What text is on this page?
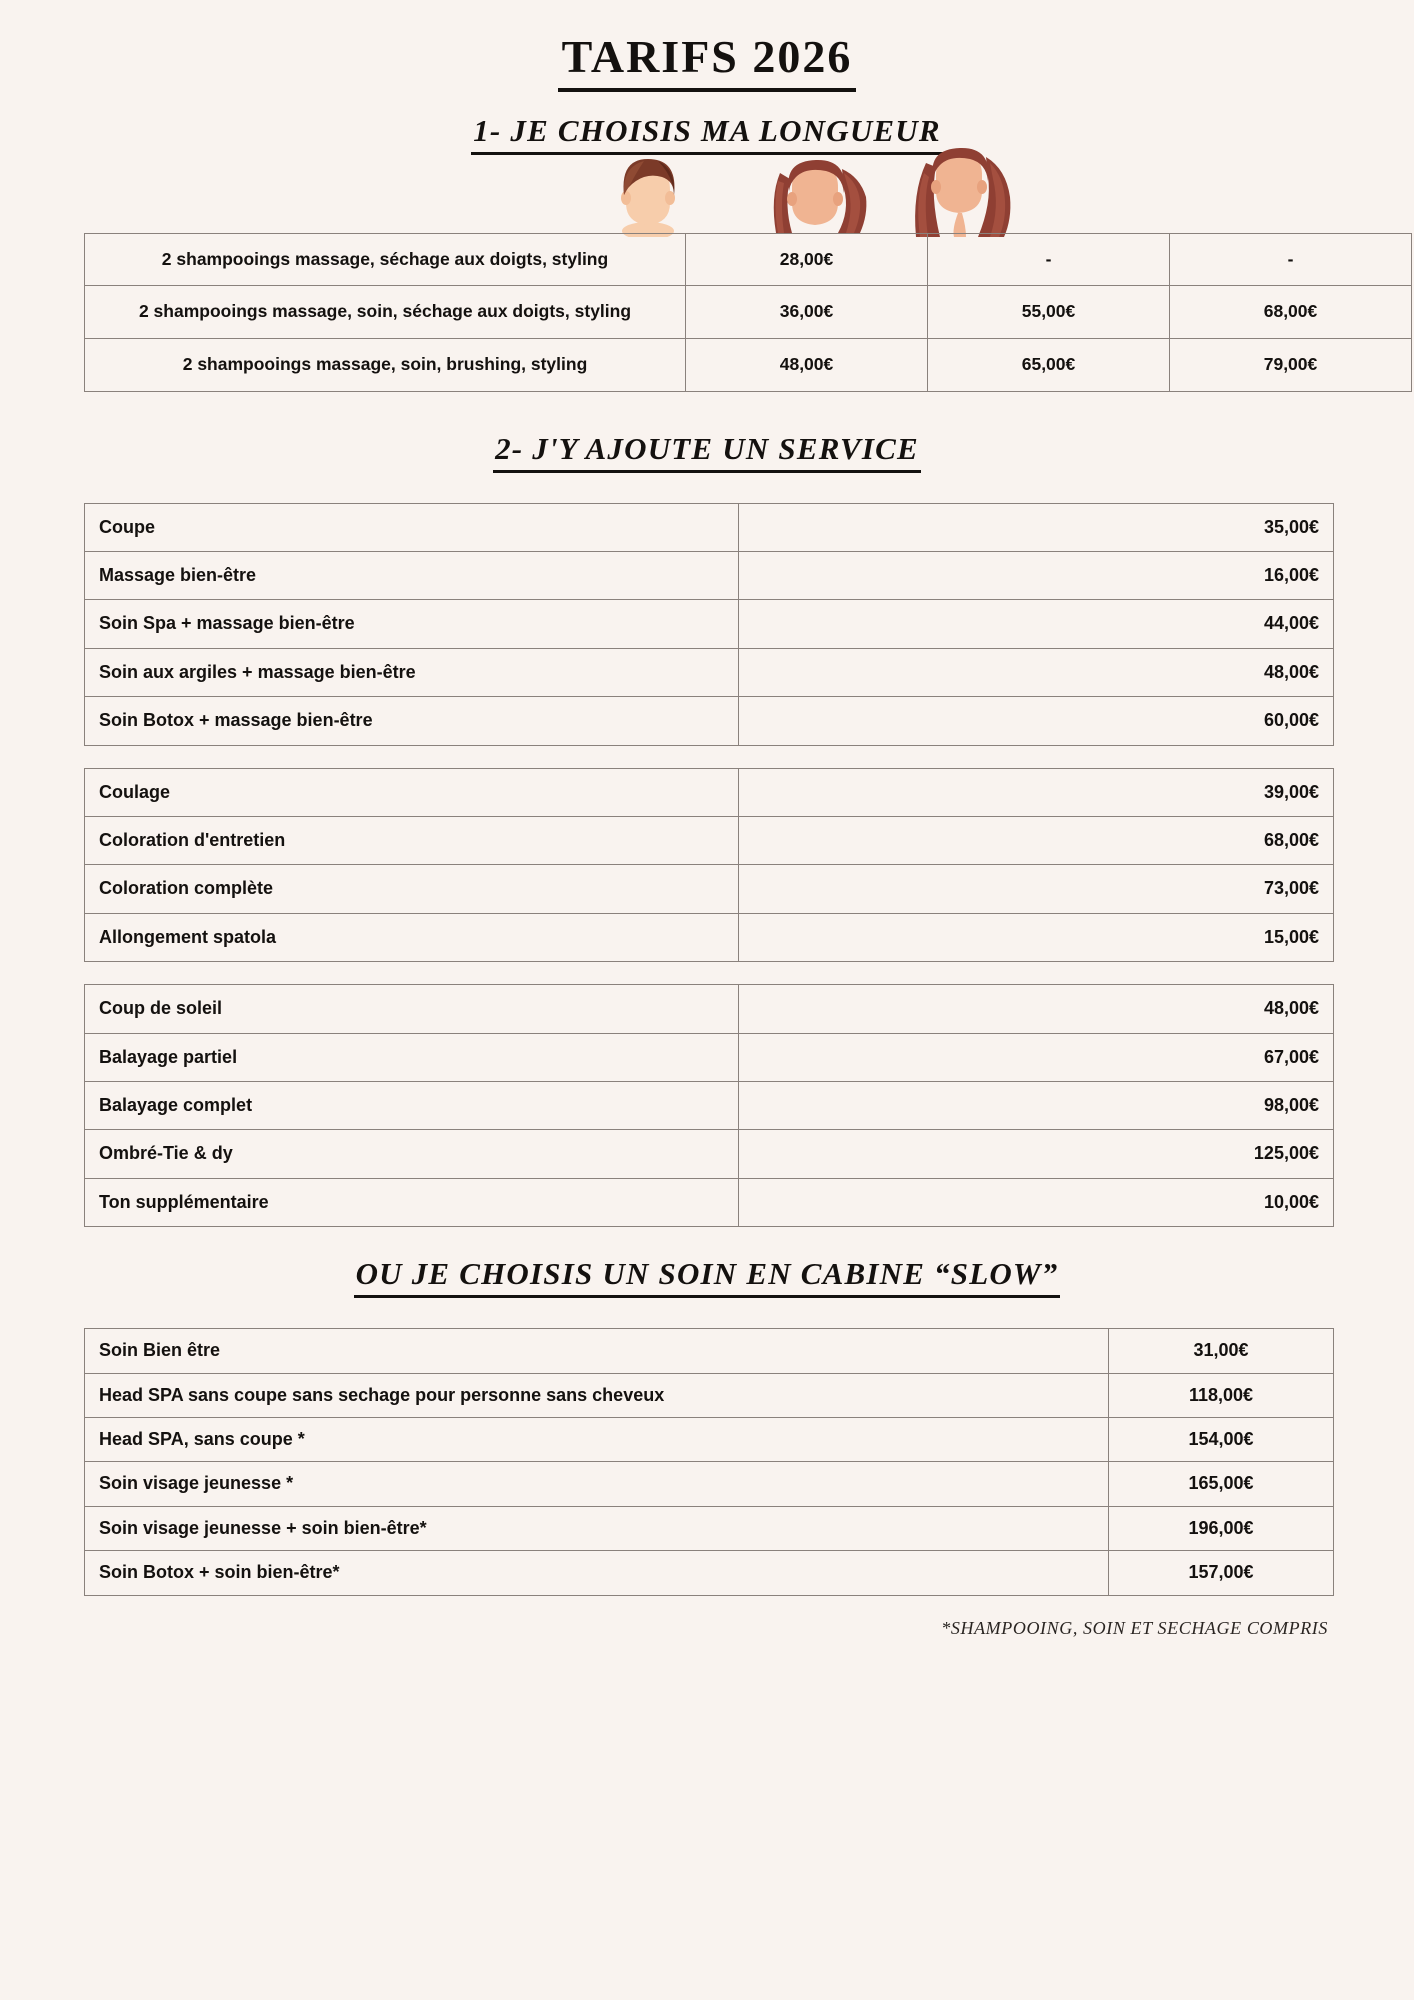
TARIFS 2026
1- JE CHOISIS MA LONGUEUR
2 shampooings massage, séchage aux doigts, styling	28,00€	-	-
2 shampooings massage, soin, séchage aux doigts, styling	36,00€	55,00€	68,00€
2 shampooings massage, soin, brushing, styling	48,00€	65,00€	79,00€
2- J'Y AJOUTE UN SERVICE
Coupe	35,00€
Massage bien-être	16,00€
Soin Spa + massage bien-être	44,00€
Soin aux argiles + massage bien-être	48,00€
Soin Botox + massage bien-être	60,00€
Coulage	39,00€
Coloration d'entretien	68,00€
Coloration complète	73,00€
Allongement spatola	15,00€
Coup de soleil	48,00€
Balayage partiel	67,00€
Balayage complet	98,00€
Ombré-Tie & dy	125,00€
Ton supplémentaire	10,00€
OU JE CHOISIS UN SOIN EN CABINE “SLOW”
Soin Bien être	31,00€
Head SPA sans coupe sans sechage pour personne sans cheveux	118,00€
Head SPA, sans coupe *	154,00€
Soin visage jeunesse *	165,00€
Soin visage jeunesse + soin bien-être*	196,00€
Soin Botox + soin bien-être*	157,00€
*SHAMPOOING, SOIN ET SECHAGE COMPRIS
